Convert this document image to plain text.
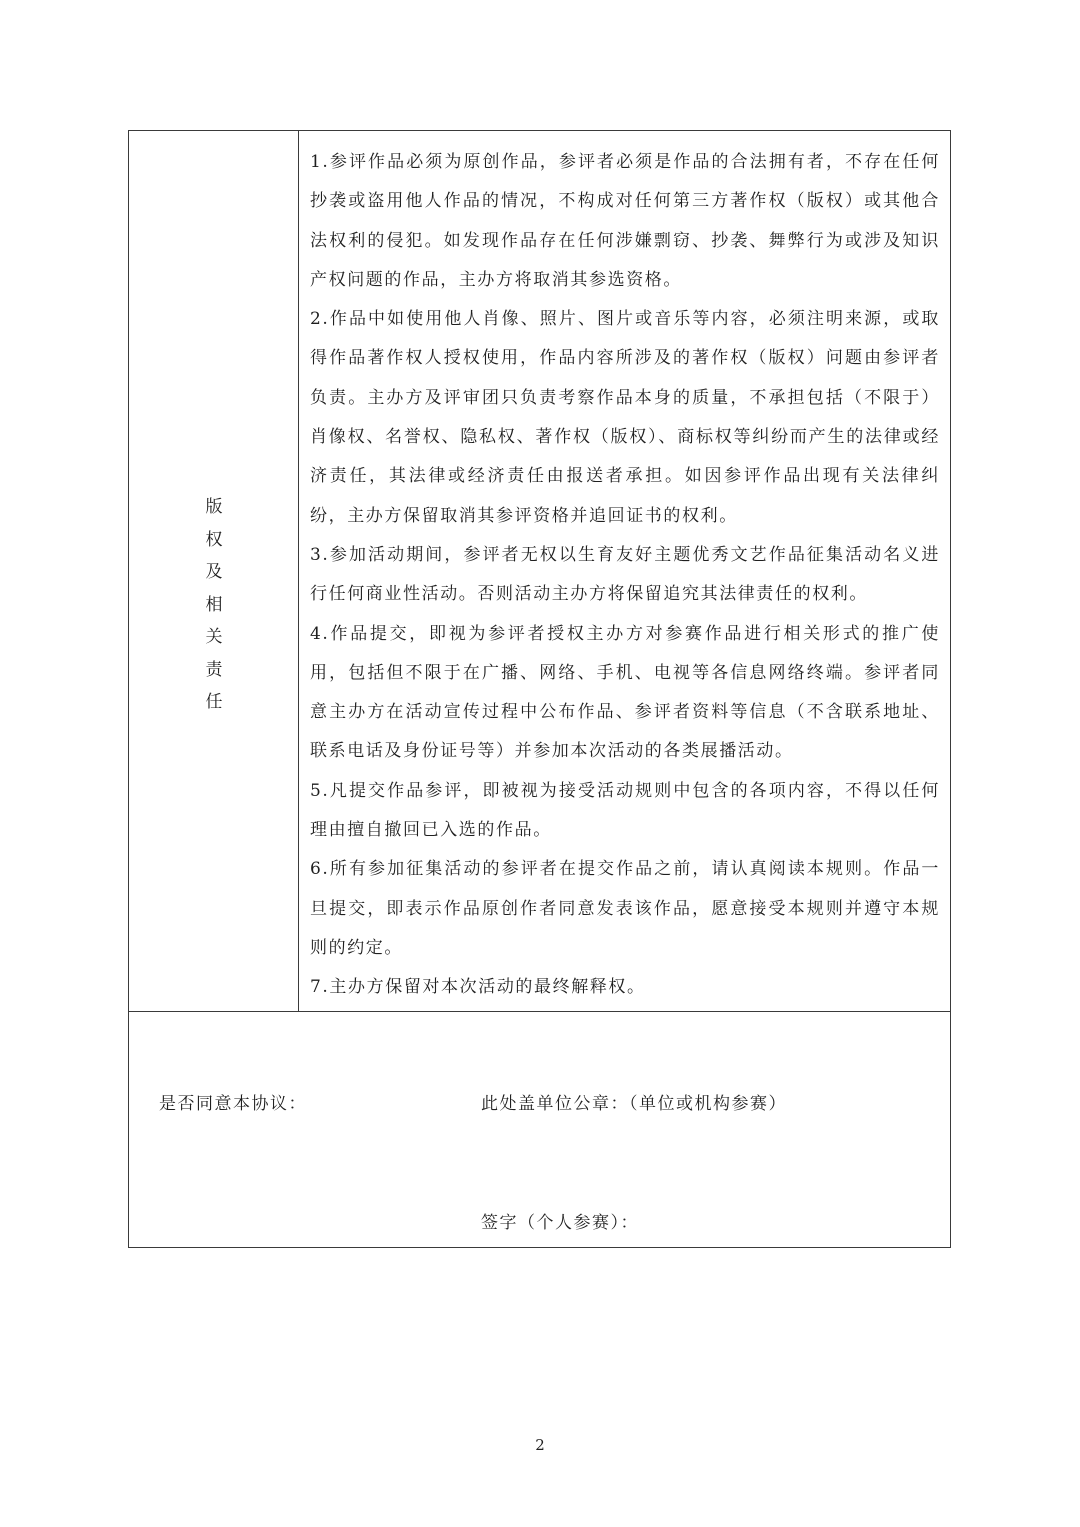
版
权
及
相
关
责
任

1.参评作品必须为原创作品，参评者必须是作品的合法拥有者，不存在任何抄袭或盗用他人作品的情况，不构成对任何第三方著作权（版权）或其他合法权利的侵犯。如发现作品存在任何涉嫌剽窃、抄袭、舞弊行为或涉及知识产权问题的作品，主办方将取消其参选资格。

2.作品中如使用他人肖像、照片、图片或音乐等内容，必须注明来源，或取得作品著作权人授权使用，作品内容所涉及的著作权（版权）问题由参评者负责。主办方及评审团只负责考察作品本身的质量，不承担包括（不限于）肖像权、名誉权、隐私权、著作权（版权）、商标权等纠纷而产生的法律或经济责任，其法律或经济责任由报送者承担。如因参评作品出现有关法律纠纷，主办方保留取消其参评资格并追回证书的权利。

3.参加活动期间，参评者无权以生育友好主题优秀文艺作品征集活动名义进行任何商业性活动。否则活动主办方将保留追究其法律责任的权利。

4.作品提交，即视为参评者授权主办方对参赛作品进行相关形式的推广使用，包括但不限于在广播、网络、手机、电视等各信息网络终端。参评者同意主办方在活动宣传过程中公布作品、参评者资料等信息（不含联系地址、联系电话及身份证号等）并参加本次活动的各类展播活动。

5.凡提交作品参评，即被视为接受活动规则中包含的各项内容，不得以任何理由擅自撤回已入选的作品。

6.所有参加征集活动的参评者在提交作品之前，请认真阅读本规则。作品一旦提交，即表示作品原创作者同意发表该作品，愿意接受本规则并遵守本规则的约定。

7.主办方保留对本次活动的最终解释权。

是否同意本协议：	此处盖单位公章：（单位或机构参赛）
签字（个人参赛）：
2
